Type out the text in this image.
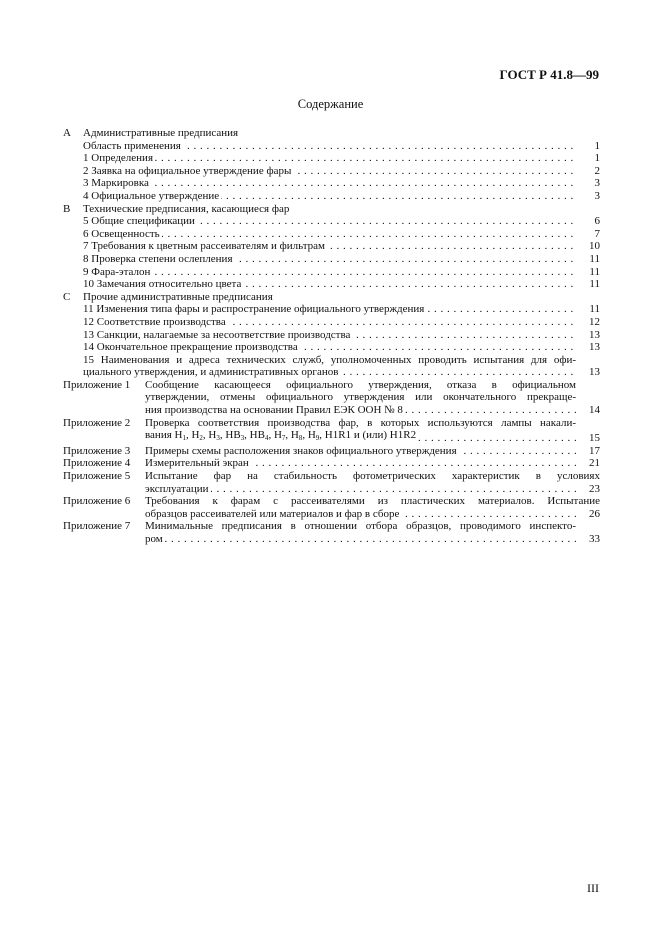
ГОСТ Р 41.8—99
Содержание
A	Административные предписания
Область применения . . .	1
1 Определения . . .	1
2 Заявка на официальное утверждение фары . . .	2
3 Маркировка . . .	3
4 Официальное утверждение . . .	3
B	Технические предписания, касающиеся фар
5 Общие спецификации . . .	6
6 Освещенность . . .	7
7 Требования к цветным рассеивателям и фильтрам . . .	10
8 Проверка степени ослепления . . .	11
9 Фара-эталон . . .	11
10 Замечания относительно цвета . . .	11
C	Прочие административные предписания
11 Изменения типа фары и распространение официального утверждения . . .	11
12 Соответствие производства . . .	12
13 Санкции, налагаемые за несоответствие производства . . .	13
14 Окончательное прекращение производства . . .	13
15 Наименования и адреса технических служб, уполномоченных проводить испытания для офи-
циального утверждения, и административных органов . . .	13
Приложение 1	Сообщение касающееся официального утверждения, отказа в официальном
утверждении, отмены официального утверждения или окончательного прекраще-
ния производства на основании Правил ЕЭК ООН № 8 . . .	14
Приложение 2	Проверка соответствия производства фар, в которых используются лампы накали-
вания $H_1$, $H_2$, $H_3$, $HB_3$, $HB_4$, $H_7$, $H_8$, $H_9$, H1R1 и (или) H1R2 . . .	15
Приложение 3	Примеры схемы расположения знаков официального утверждения . . .	17
Приложение 4	Измерительный экран . . .	21
Приложение 5	Испытание фар на стабильность фотометрических характеристик в условиях
эксплуатации . . .	23
Приложение 6	Требования к фарам с рассеивателями из пластических материалов. Испытание
образцов рассеивателей или материалов и фар в сборе . . .	26
Приложение 7	Минимальные предписания в отношении отбора образцов, проводимого инспекто-
ром . . .	33
III
